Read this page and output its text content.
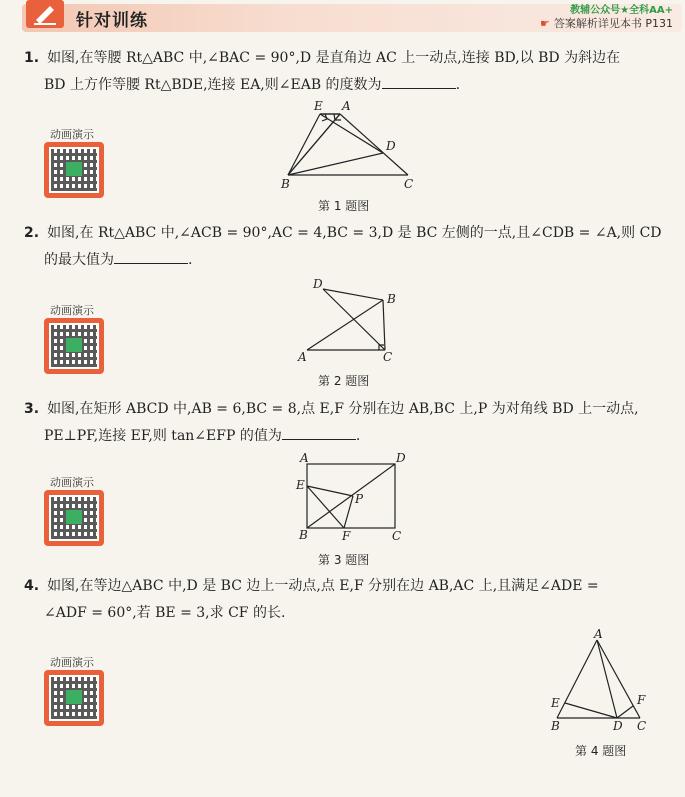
针对训练
教辅公众号★全科AA+
☛ 答案解析详见本书 P131
1. 如图,在等腰 Rt△ABC 中,∠BAC = 90°,D 是直角边 AC 上一动点,连接 BD,以 BD 为斜边在
BD 上方作等腰 Rt△BDE,连接 EA,则∠EAB 的度数为	.
动画演示
E A
D
B	C
第 1 题图
2. 如图,在 Rt△ABC 中,∠ACB = 90°,AC = 4,BC = 3,D 是 BC 左侧的一点,且∠CDB = ∠A,则 CD
的最大值为	.
动画演示
D
B
A	C
第 2 题图
3. 如图,在矩形 ABCD 中,AB = 6,BC = 8,点 E,F 分别在边 AB,BC 上,P 为对角线 BD 上一动点,
PE⊥PF,连接 EF,则 tan∠EFP 的值为	.
动画演示
A	D
E
P
B	F	C
第 3 题图
4. 如图,在等边△ABC 中,D 是 BC 边上一动点,点 E,F 分别在边 AB,AC 上,且满足∠ADE =
∠ADF = 60°,若 BE = 3,求 CF 的长.
动画演示
A
E	F
B	D C
第 4 题图
